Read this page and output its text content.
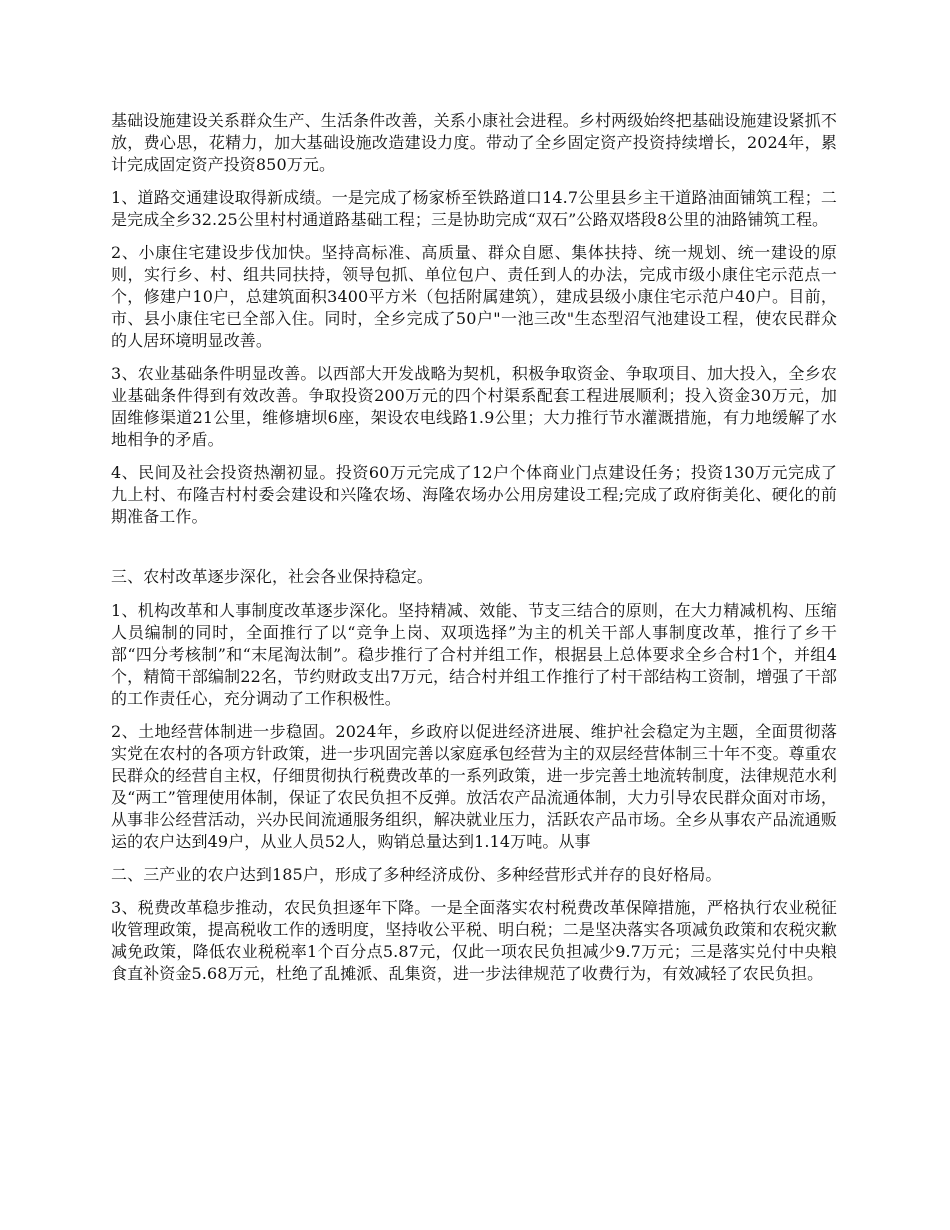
基础设施建设关系群众生产、生活条件改善，关系小康社会进程。乡村两级始终把基础设施建设紧抓不放，费心思，花精力，加大基础设施改造建设力度。带动了全乡固定资产投资持续增长，2024年，累计完成固定资产投资850万元。

1、道路交通建设取得新成绩。一是完成了杨家桥至铁路道口14.7公里县乡主干道路油面铺筑工程；二是完成全乡32.25公里村村通道路基础工程；三是协助完成“双石”公路双塔段8公里的油路铺筑工程。

2、小康住宅建设步伐加快。坚持高标准、高质量、群众自愿、集体扶持、统一规划、统一建设的原则，实行乡、村、组共同扶持，领导包抓、单位包户、责任到人的办法，完成市级小康住宅示范点一个，修建户10户，总建筑面积3400平方米（包括附属建筑），建成县级小康住宅示范户40户。目前，市、县小康住宅已全部入住。同时，全乡完成了50户"一池三改"生态型沼气池建设工程，使农民群众的人居环境明显改善。

3、农业基础条件明显改善。以西部大开发战略为契机，积极争取资金、争取项目、加大投入，全乡农业基础条件得到有效改善。争取投资200万元的四个村渠系配套工程进展顺利；投入资金30万元，加固维修渠道21公里，维修塘坝6座，架设农电线路1.9公里；大力推行节水灌溉措施，有力地缓解了水地相争的矛盾。

4、民间及社会投资热潮初显。投资60万元完成了12户个体商业门点建设任务；投资130万元完成了九上村、布隆吉村村委会建设和兴隆农场、海隆农场办公用房建设工程;完成了政府街美化、硬化的前期准备工作。

三、农村改革逐步深化，社会各业保持稳定。

1、机构改革和人事制度改革逐步深化。坚持精减、效能、节支三结合的原则，在大力精减机构、压缩人员编制的同时，全面推行了以“竞争上岗、双项选择”为主的机关干部人事制度改革，推行了乡干部“四分考核制”和“末尾淘汰制”。稳步推行了合村并组工作，根据县上总体要求全乡合村1个，并组4个，精简干部编制22名，节约财政支出7万元，结合村并组工作推行了村干部结构工资制，增强了干部的工作责任心，充分调动了工作积极性。

2、土地经营体制进一步稳固。2024年，乡政府以促进经济进展、维护社会稳定为主题，全面贯彻落实党在农村的各项方针政策，进一步巩固完善以家庭承包经营为主的双层经营体制三十年不变。尊重农民群众的经营自主权，仔细贯彻执行税费改革的一系列政策，进一步完善土地流转制度，法律规范水利及“两工”管理使用体制，保证了农民负担不反弹。放活农产品流通体制，大力引导农民群众面对市场，从事非公经营活动，兴办民间流通服务组织，解决就业压力，活跃农产品市场。全乡从事农产品流通贩运的农户达到49户，从业人员52人，购销总量达到1.14万吨。从事

二、三产业的农户达到185户，形成了多种经济成份、多种经营形式并存的良好格局。

3、税费改革稳步推动，农民负担逐年下降。一是全面落实农村税费改革保障措施，严格执行农业税征收管理政策，提高税收工作的透明度，坚持收公平税、明白税；二是坚决落实各项减负政策和农税灾歉减免政策，降低农业税税率1个百分点5.87元，仅此一项农民负担减少9.7万元；三是落实兑付中央粮食直补资金5.68万元，杜绝了乱摊派、乱集资，进一步法律规范了收费行为，有效减轻了农民负担。
